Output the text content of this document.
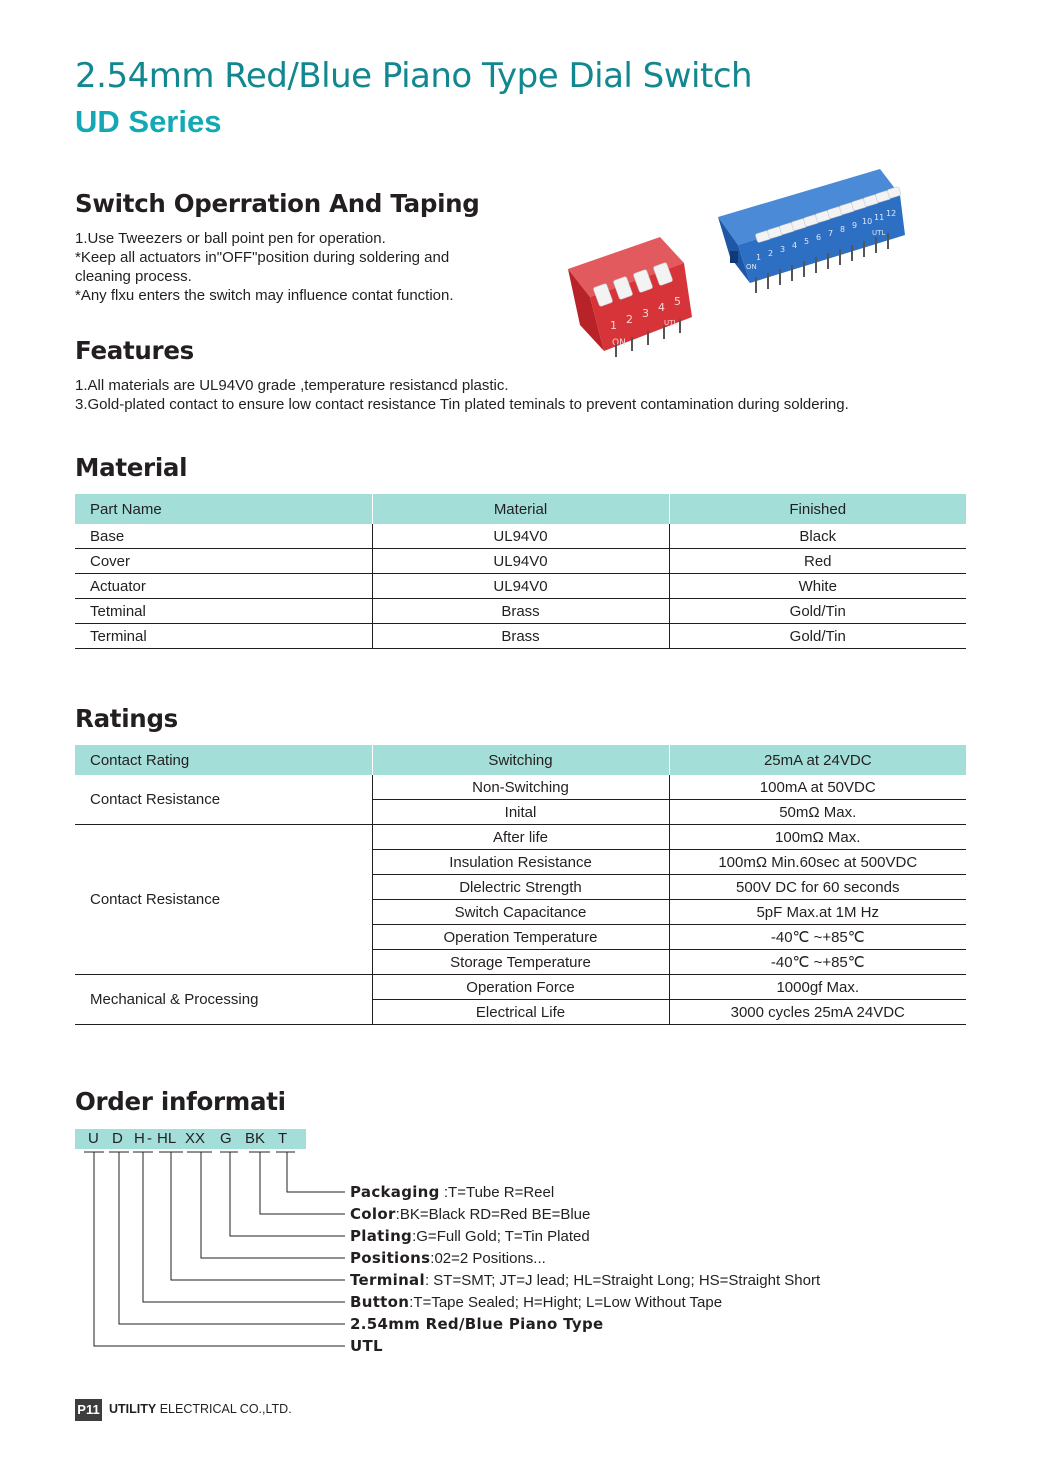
2.54mm Red/Blue Piano Type Dial Switch
UD Series
Switch Operration And Taping
1.Use Tweezers or ball point pen for operation.
*Keep all actuators in"OFF"position during soldering and
cleaning process.
*Any flxu enters the switch may influence contat function.
1 2 3 4 5 6 7 8 9 10 11 12
ON
UTL
1 2 3 4 5
ON
UTL
Features
1.All materials are UL94V0 grade ,temperature resistancd plastic.
3.Gold-plated contact to ensure low contact resistance Tin plated teminals to prevent contamination during soldering.
Material
Part Name	Material	Finished
Base	UL94V0	Black
Cover	UL94V0	Red
Actuator	UL94V0	White
Tetminal	Brass	Gold/Tin
Terminal	Brass	Gold/Tin
Ratings
Contact Rating	Switching	25mA at 24VDC
Contact Resistance	Non-Switching	100mA at 50VDC
	Inital	50mΩ Max.
Contact Resistance	After life	100mΩ Max.
	Insulation Resistance	100mΩ Min.60sec at 500VDC
	Dlelectric Strength	500V DC for 60 seconds
	Switch Capacitance	5pF Max.at 1M Hz
	Operation Temperature	-40℃ ~+85℃
	Storage Temperature	-40℃ ~+85℃
Mechanical & Processing	Operation Force	1000gf Max.
	Electrical Life	3000 cycles 25mA 24VDC
Order informati
U D H - HL XX G BK T
Packaging :T=Tube R=Reel
Color:BK=Black RD=Red BE=Blue
Plating:G=Full Gold; T=Tin Plated
Positions:02=2 Positions...
Terminal: ST=SMT; JT=J lead; HL=Straight Long; HS=Straight Short
Button:T=Tape Sealed; H=Hight; L=Low Without Tape
2.54mm Red/Blue Piano Type
UTL
P11 UTILITY ELECTRICAL CO.,LTD.
